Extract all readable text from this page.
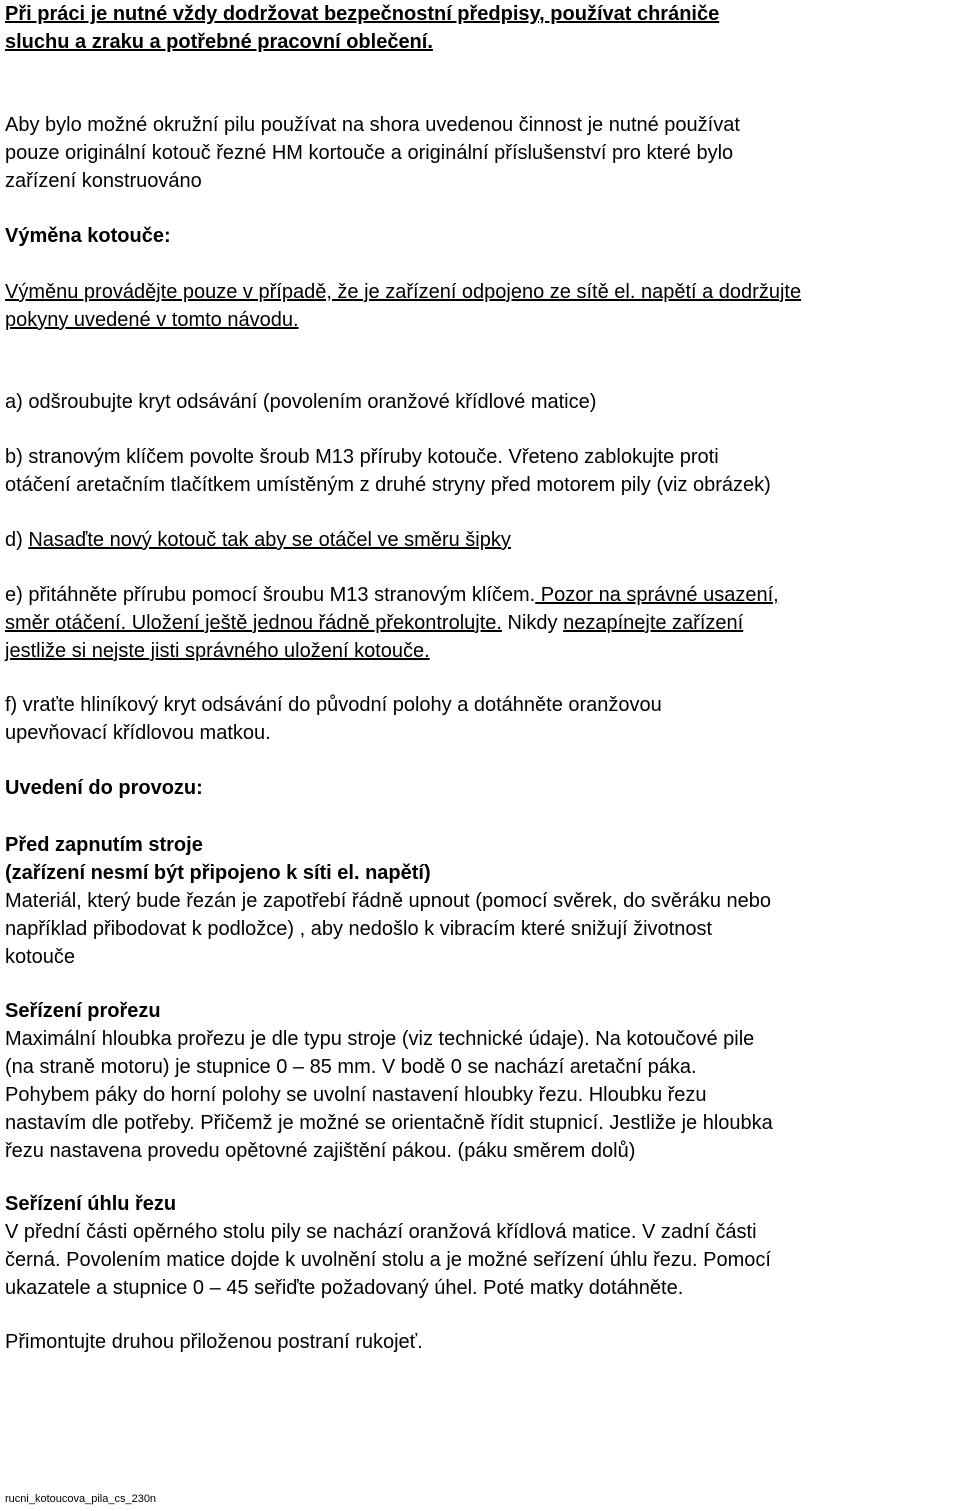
Při práci je nutné vždy dodržovat bezpečnostní předpisy, používat chrániče

sluchu a zraku a potřebné pracovní oblečení.

Aby bylo možné okružní pilu používat na shora uvedenou činnost je nutné používat

pouze originální kotouč řezné HM kortouče a originální příslušenství pro které bylo

zařízení konstruováno

Výměna kotouče:

Výměnu provádějte pouze v případě, že je zařízení odpojeno ze sítě el. napětí a dodržujte

pokyny uvedené v tomto návodu.

a) odšroubujte kryt odsávání (povolením oranžové křídlové matice)

b) stranovým klíčem povolte šroub M13 příruby kotouče. Vřeteno zablokujte proti

otáčení aretačním tlačítkem umístěným z druhé stryny před motorem pily (viz obrázek)

d) Nasaďte nový kotouč tak aby se otáčel ve směru šipky

e) přitáhněte přírubu pomocí šroubu M13 stranovým klíčem. Pozor na správné usazení,

směr otáčení. Uložení ještě jednou řádně překontrolujte. Nikdy nezapínejte zařízení

jestliže si nejste jisti správného uložení kotouče.

f) vraťte hliníkový kryt odsávání do původní polohy a dotáhněte oranžovou

upevňovací křídlovou matkou.

Uvedení do provozu:

Před zapnutím stroje

(zařízení nesmí být připojeno k síti el. napětí)

Materiál, který bude řezán je zapotřebí řádně upnout (pomocí svěrek, do svěráku nebo

například přibodovat k podložce) , aby nedošlo k vibracím které snižují životnost

kotouče

Seřízení prořezu

Maximální hloubka prořezu je dle typu stroje (viz technické údaje). Na kotoučové pile

(na straně motoru) je stupnice 0 – 85 mm. V bodě 0 se nachází aretační páka.

Pohybem páky do horní polohy se uvolní nastavení hloubky řezu. Hloubku řezu

nastavím dle potřeby. Přičemž je možné se orientačně řídit stupnicí. Jestliže je hloubka

řezu nastavena provedu opětovné zajištění pákou. (páku směrem dolů)

Seřízení úhlu řezu

V přední části opěrného stolu pily se nachází oranžová křídlová matice. V zadní části

černá. Povolením matice dojde k uvolnění stolu a je možné seřízení úhlu řezu. Pomocí

ukazatele a stupnice 0 – 45 seřiďte požadovaný úhel. Poté matky dotáhněte.

Přimontujte druhou přiloženou postraní rukojeť.
rucni_kotoucova_pila_cs_230n
